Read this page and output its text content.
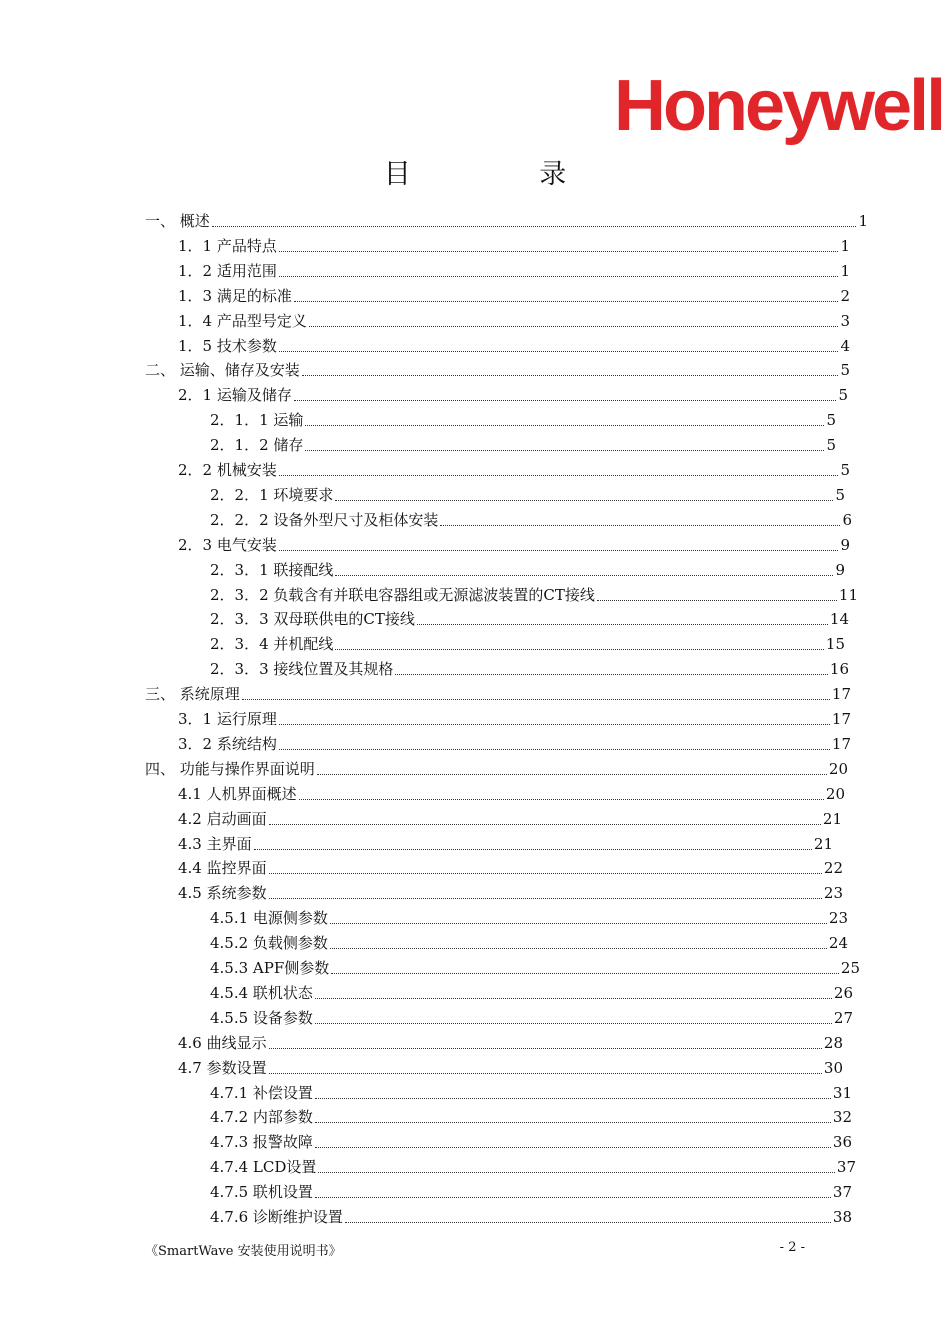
Honeywell
目 录
一、 概述	1
1．1 产品特点	1
1．2 适用范围	1
1．3 满足的标准	2
1．4 产品型号定义	3
1．5 技术参数	4
二、 运输、储存及安装	5
2．1 运输及储存	5
2．1．1 运输	5
2．1．2 储存	5
2．2 机械安装	5
2．2．1 环境要求	5
2．2．2 设备外型尺寸及柜体安装	6
2．3 电气安装	9
2．3．1 联接配线	9
2．3．2 负载含有并联电容器组或无源滤波装置的CT接线	11
2．3．3 双母联供电的CT接线	14
2．3．4 并机配线	15
2．3．3 接线位置及其规格	16
三、 系统原理	17
3．1 运行原理	17
3．2 系统结构	17
四、 功能与操作界面说明	20
4.1 人机界面概述	20
4.2 启动画面	21
4.3 主界面	21
4.4 监控界面	22
4.5 系统参数	23
4.5.1 电源侧参数	23
4.5.2 负载侧参数	24
4.5.3 APF侧参数	25
4.5.4 联机状态	26
4.5.5 设备参数	27
4.6 曲线显示	28
4.7 参数设置	30
4.7.1 补偿设置	31
4.7.2 内部参数	32
4.7.3 报警故障	36
4.7.4 LCD设置	37
4.7.5 联机设置	37
4.7.6 诊断维护设置	38
《SmartWave 安装使用说明书》	- 2 -
